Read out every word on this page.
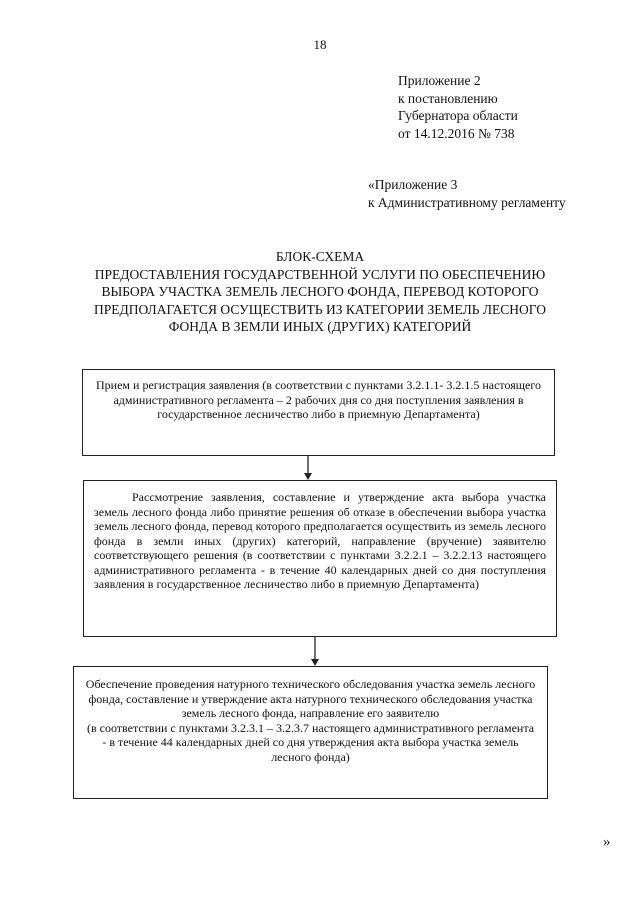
18
Приложение 2
к постановлению
Губернатора области
от 14.12.2016 № 738
«Приложение 3
к Административному регламенту
БЛОК-СХЕМА
ПРЕДОСТАВЛЕНИЯ ГОСУДАРСТВЕННОЙ УСЛУГИ ПО ОБЕСПЕЧЕНИЮ
ВЫБОРА УЧАСТКА ЗЕМЕЛЬ ЛЕСНОГО ФОНДА, ПЕРЕВОД КОТОРОГО
ПРЕДПОЛАГАЕТСЯ ОСУЩЕСТВИТЬ ИЗ КАТЕГОРИИ ЗЕМЕЛЬ ЛЕСНОГО
ФОНДА В ЗЕМЛИ ИНЫХ (ДРУГИХ) КАТЕГОРИЙ
Прием и регистрация заявления (в соответствии с пунктами 3.2.1.1- 3.2.1.5 настоящего административного регламента – 2 рабочих дня со дня поступления заявления в государственное лесничество либо в приемную Департамента)
Рассмотрение заявления, составление и утверждение акта выбора участка земель лесного фонда либо принятие решения об отказе в обеспечении выбора участка земель лесного фонда, перевод которого предполагается осуществить из земель лесного фонда в земли иных (других) категорий, направление (вручение) заявителю соответствующего решения (в соответствии с пунктами 3.2.2.1 – 3.2.2.13 настоящего административного регламента - в течение 40 календарных дней со дня поступления заявления в государственное лесничество либо в приемную Департамента)

Обеспечение проведения натурного технического обследования участка земель лесного фонда, составление и утверждение акта натурного технического обследования участка земель лесного фонда, направление его заявителю

(в соответствии с пунктами 3.2.3.1 – 3.2.3.7 настоящего административного регламента - в течение 44 календарных дней со дня утверждения акта выбора участка земель лесного фонда)

»
